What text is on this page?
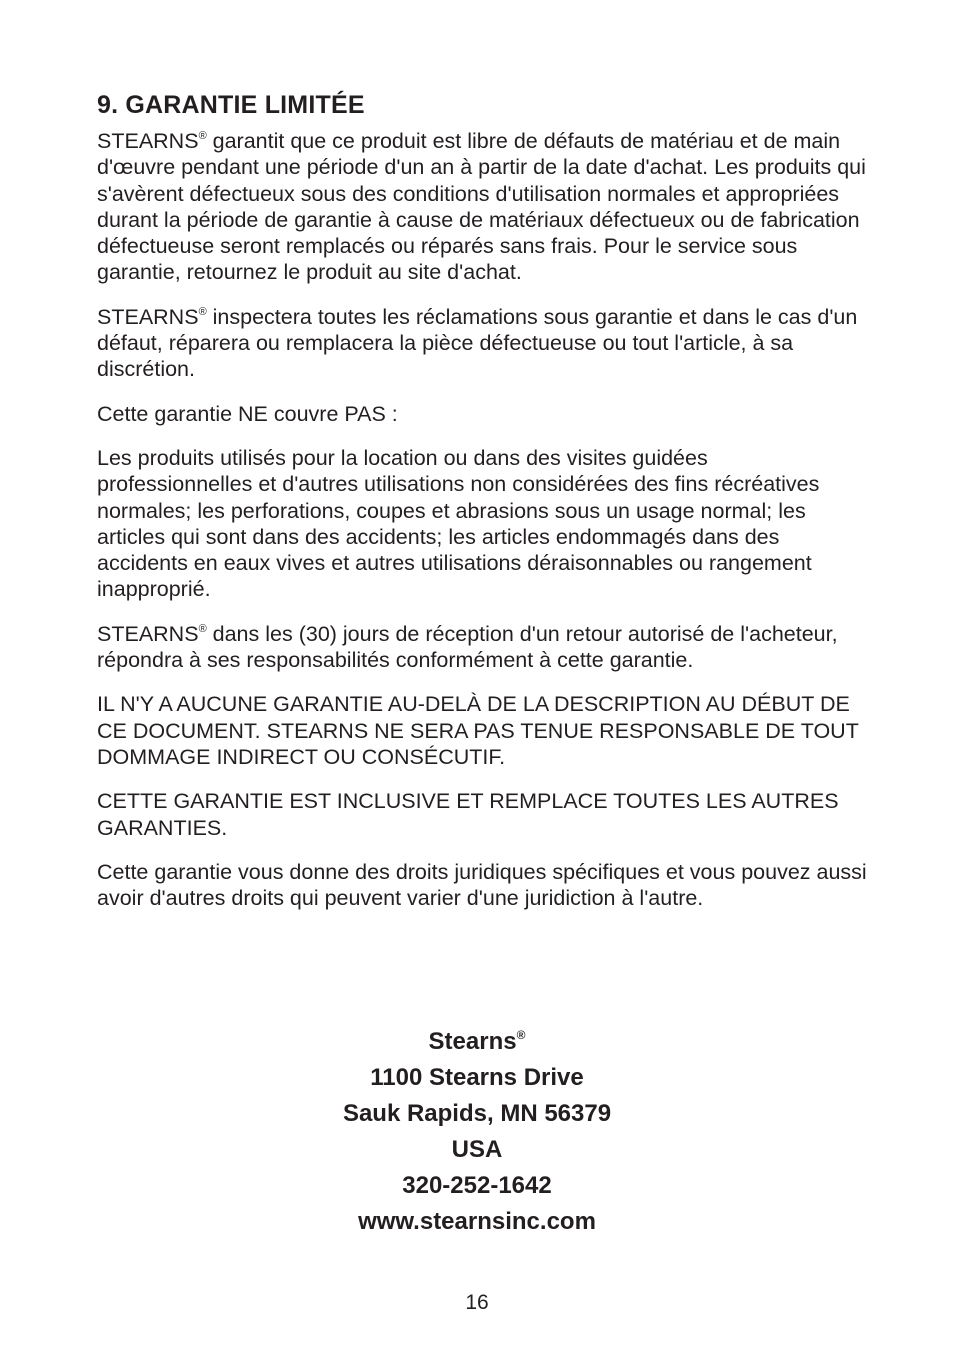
9. GARANTIE LIMITÉE

STEARNS® garantit que ce produit est libre de défauts de matériau et de main d'œuvre pendant une période d'un an à partir de la date d'achat. Les produits qui s'avèrent défectueux sous des conditions d'utilisation normales et appropriées durant la période de garantie à cause de matériaux défectueux ou de fabrication défectueuse seront remplacés ou réparés sans frais. Pour le service sous garantie, retournez le produit au site d'achat.

STEARNS® inspectera toutes les réclamations sous garantie et dans le cas d'un défaut, réparera ou remplacera la pièce défectueuse ou tout l'article, à sa discrétion.

Cette garantie NE couvre PAS :

Les produits utilisés pour la location ou dans des visites guidées professionnelles et d'autres utilisations non considérées des fins récréatives normales; les perforations, coupes et abrasions sous un usage normal; les articles qui sont dans des accidents; les articles endommagés dans des accidents en eaux vives et autres utilisations déraisonnables ou rangement inapproprié.

STEARNS® dans les (30) jours de réception d'un retour autorisé de l'acheteur, répondra à ses responsabilités conformément à cette garantie.

IL N'Y A AUCUNE GARANTIE AU-DELÀ DE LA DESCRIPTION AU DÉBUT DE CE DOCUMENT. STEARNS NE SERA PAS TENUE RESPONSABLE DE TOUT DOMMAGE INDIRECT OU CONSÉCUTIF.

CETTE GARANTIE EST INCLUSIVE ET REMPLACE TOUTES LES AUTRES GARANTIES.

Cette garantie vous donne des droits juridiques spécifiques et vous pouvez aussi avoir d'autres droits qui peuvent varier d'une juridiction à l'autre.

Stearns®
1100 Stearns Drive
Sauk Rapids, MN 56379
USA
320-252-1642
www.stearnsinc.com
16
